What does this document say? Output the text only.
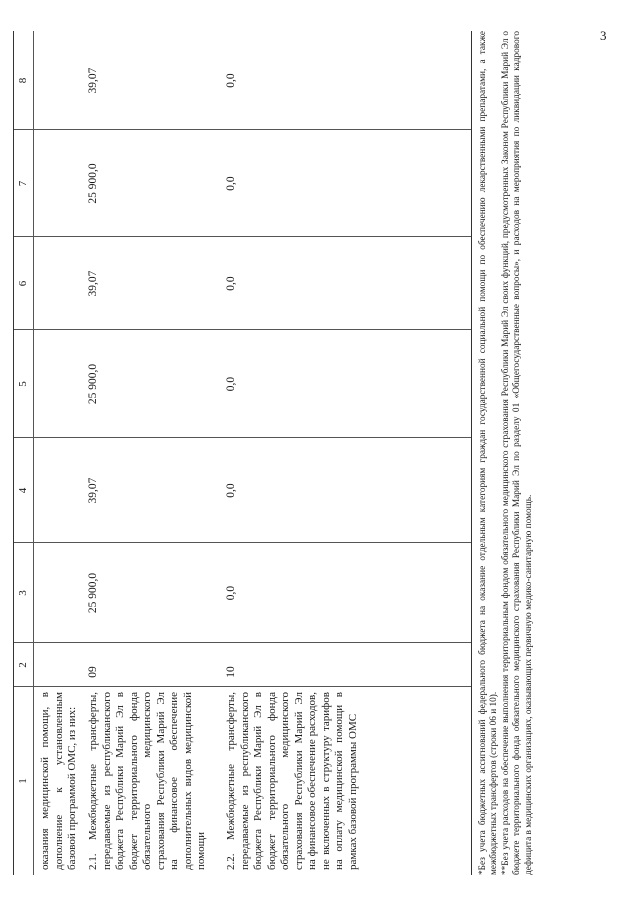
3
1
2
3
4
5
6
7
8
оказания медицинской помощи, в дополнение к установленным базовой программой ОМС, из них: 2.1. Межбюджетные трансферты, передаваемые из республиканского бюджета Республики Марий Эл в бюджет территориального фонда обязательного медицинского страхования Республики Марий Эл на финансовое обеспечение дополнительных видов медицинской помощи
09
25 900,0
39,07
25 900,0
39,07
25 900,0
39,07
2.2. Межбюджетные трансферты, передаваемые из республиканского бюджета Республики Марий Эл в бюджет территориального фонда обязательного медицинского страхования Республики Марий Эл на финансовое обеспечение расходов, не включенных в структуру тарифов на оплату медицинской помощи в рамках базовой программы ОМС
10
0,0
0,0
0,0
0,0
0,0
0,0	*Без учета бюджетных ассигнований федерального бюджета на оказание отдельным категориям граждан государственной социальной помощи по обеспечению лекарственными препаратами, а также межбюджетных трансфертов (строки 06 и 10). **Без учета расходов на обеспечение выполнения территориальным фондом обязательного медицинского страхования Республики Марий Эл своих функций, предусмотренных Законом Республики Марий Эл о бюджете территориального фонда обязательного медицинского страхования Республики Марий Эл по разделу 01 «Общегосударственные вопросы», и расходов на мероприятия по ликвидации кадрового дефицита в медицинских организациях, оказывающих первичную медико-санитарную помощь.
